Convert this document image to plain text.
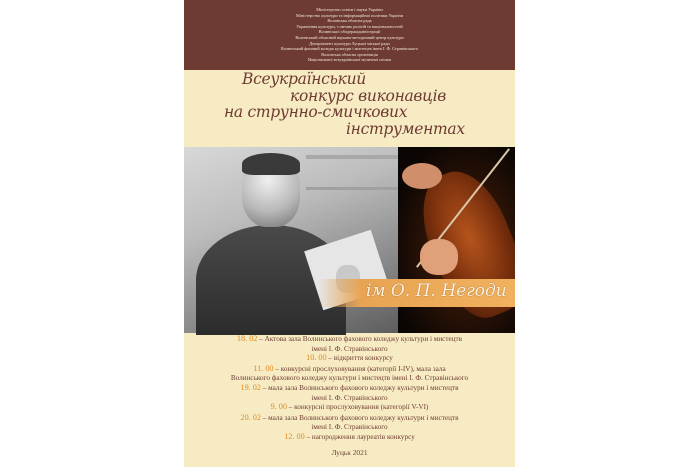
Міністерство освіти і науки України
Міністерство культури та інформаційної політики України
Волинська обласна рада
Управління культури, з питань релігій та національностей
Волинської облдержадміністрації
Волинський обласний науково-методичний центр культури
Департамент культури Луцької міської ради
Волинський фаховий коледж культури і мистецтв імені І. Ф. Стравінського
Волинська обласна організація
Національної всеукраїнської музичної спілки
Всеукраїнський
конкурс виконавців
на струнно-смичкових
інструментах
ім О. П. Негоди
18. 02 – Актова зала Волинського фахового коледжу культури і мистецтв
імені І. Ф. Стравінського
10. 00 – відкриття конкурсу
11. 00 – конкурсні прослуховування (категорії I-IV), мала зала
Волинського фахового коледжу культури і мистецтв імені І. Ф. Стравінського
19. 02 – мала зала Волинського фахового коледжу культури і мистецтв
імені І. Ф. Стравінського
9. 00 – конкурсні прослуховування (категорії V-VI)
20. 02 – мала зала Волинського фахового коледжу культури і мистецтв
імені І. Ф. Стравінського
12. 00 – нагородження лауреатів конкурсу
Луцьк 2021
